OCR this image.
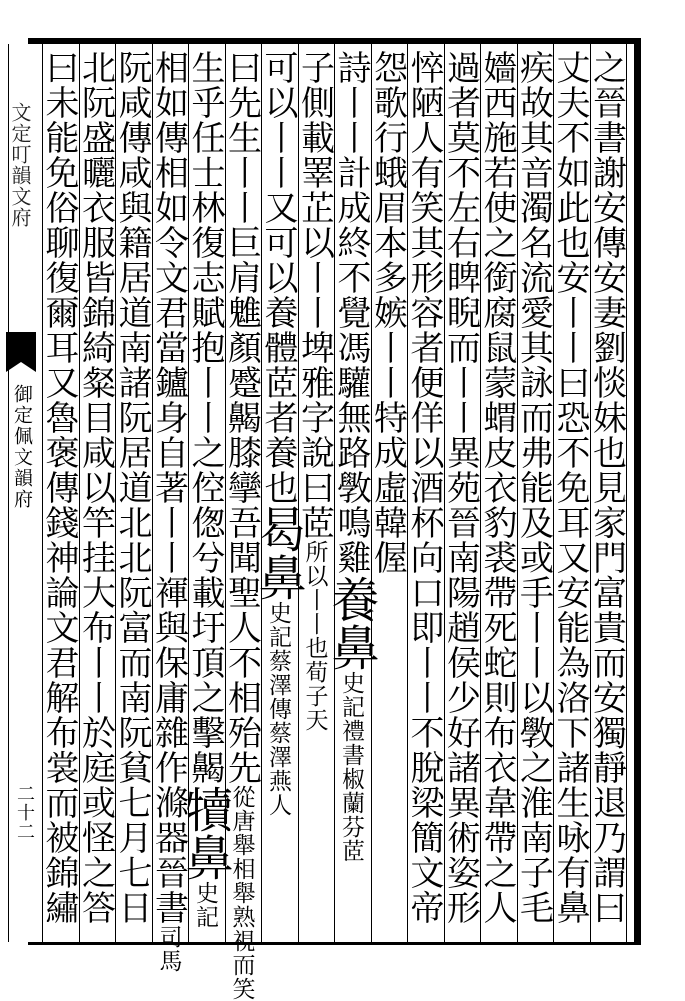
文定叮韻文府
御定佩文韻府
二十二	之晉書謝安傳安妻劉惔妹也見家門富貴而安獨靜退乃謂曰
丈夫不如此也安丨丨曰恐不免耳又安能為洛下諸生咏有鼻
疾故其音濁名流愛其詠而弗能及或手丨丨以斆之淮南子毛
嬙西施若使之銜腐鼠蒙蝟皮衣豹裘帶死蛇則布衣韋帶之人
過者莫不左右睥睨而丨丨異苑晉南陽趙侯少好諸異術姿形
悴陋人有笑其形容者便佯以酒杯向口即丨丨不脫梁簡文帝
怨歌行蛾眉本多嫉丨丨特成虛韓偓
詩丨丨計成終不覺馮驩無路斆鳴雞養鼻史記禮書椒蘭芬茝
子側載睪芷以丨丨埤雅字說曰茝所以丨丨也荀子天
可以丨丨又可以養體茝者養也曷鼻史記蔡澤傳蔡澤燕人
曰先生丨丨巨肩魋顏蹙齃膝攣吾聞聖人不相殆先從唐舉相舉熟視而笑
生乎任士林復志賦抱丨丨之倥偬兮載圩頂之擊齃犢鼻史記
相如傳相如令文君當鑪身自著丨丨褌與保庸雜作滌器晉書司馬
阮咸傳咸與籍居道南諸阮居道北北阮富而南阮貧七月七日
北阮盛曬衣服皆錦綺粲目咸以竿挂大布丨丨於庭或怪之答
曰未能免俗聊復爾耳又魯褒傳錢神論文君解布裳而被錦繡
